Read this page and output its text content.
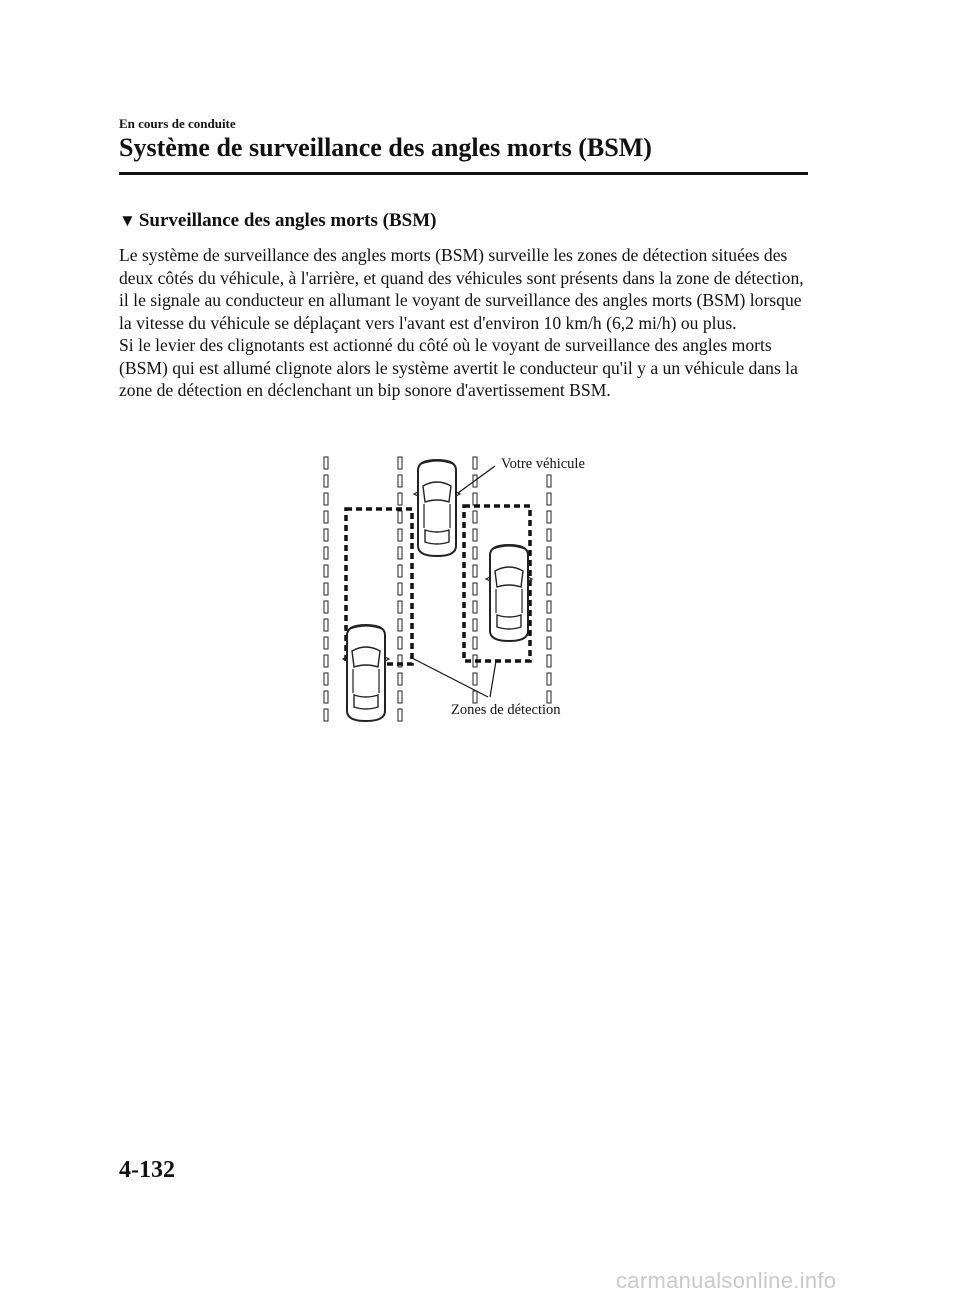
En cours de conduite
Système de surveillance des angles morts (BSM)
▼ Surveillance des angles morts (BSM)

Le système de surveillance des angles morts (BSM) surveille les zones de détection situées des deux côtés du véhicule, à l'arrière, et quand des véhicules sont présents dans la zone de détection, il le signale au conducteur en allumant le voyant de surveillance des angles morts (BSM) lorsque la vitesse du véhicule se déplaçant vers l'avant est d'environ 10 km/h (6,2 mi/h) ou plus.

Si le levier des clignotants est actionné du côté où le voyant de surveillance des angles morts (BSM) qui est allumé clignote alors le système avertit le conducteur qu'il y a un véhicule dans la zone de détection en déclenchant un bip sonore d'avertissement BSM.

Votre véhicule
Zones de détection
4-132
carmanualsonline.info
